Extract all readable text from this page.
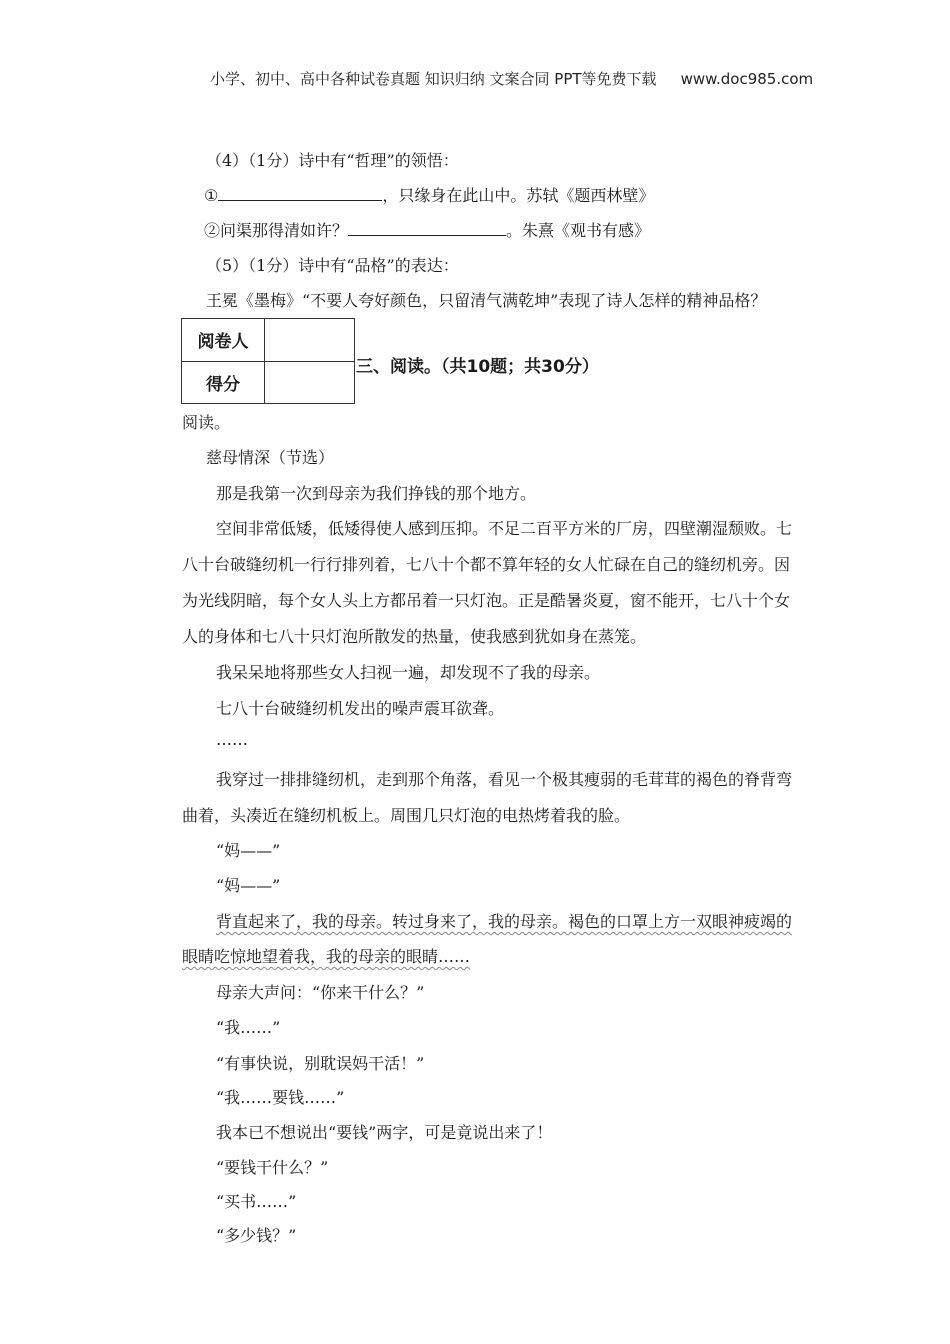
小学、初中、高中各种试卷真题 知识归纳 文案合同 PPT等免费下载 www.doc985.com
（4）（1分）诗中有“哲理”的领悟：
①	，只缘身在此山中。苏轼《题西林壁》
②问渠那得清如许？	。朱熹《观书有感》
（5）（1分）诗中有“品格”的表达：
王冕《墨梅》“不要人夸好颜色，只留清气满乾坤”表现了诗人怎样的精神品格？
阅卷人	
得分	
三、阅读。（共10题；共30分）
阅读。
慈母情深（节选）
那是我第一次到母亲为我们挣钱的那个地方。
空间非常低矮，低矮得使人感到压抑。不足二百平方米的厂房，四壁潮湿颓败。七
八十台破缝纫机一行行排列着，七八十个都不算年轻的女人忙碌在自己的缝纫机旁。因
为光线阴暗，每个女人头上方都吊着一只灯泡。正是酷暑炎夏，窗不能开，七八十个女
人的身体和七八十只灯泡所散发的热量，使我感到犹如身在蒸笼。
我呆呆地将那些女人扫视一遍，却发现不了我的母亲。
七八十台破缝纫机发出的噪声震耳欲聋。
……
我穿过一排排缝纫机，走到那个角落，看见一个极其瘦弱的毛茸茸的褐色的脊背弯
曲着，头凑近在缝纫机板上。周围几只灯泡的电热烤着我的脸。
“妈——”
“妈——”
背直起来了，我的母亲。转过身来了，我的母亲。褐色的口罩上方一双眼神疲竭的
眼睛吃惊地望着我，我的母亲的眼睛……
母亲大声问：“你来干什么？”
“我……”
“有事快说，别耽误妈干活！”
“我……要钱……”
我本已不想说出“要钱”两字，可是竟说出来了！
“要钱干什么？”
“买书……”
“多少钱？”
